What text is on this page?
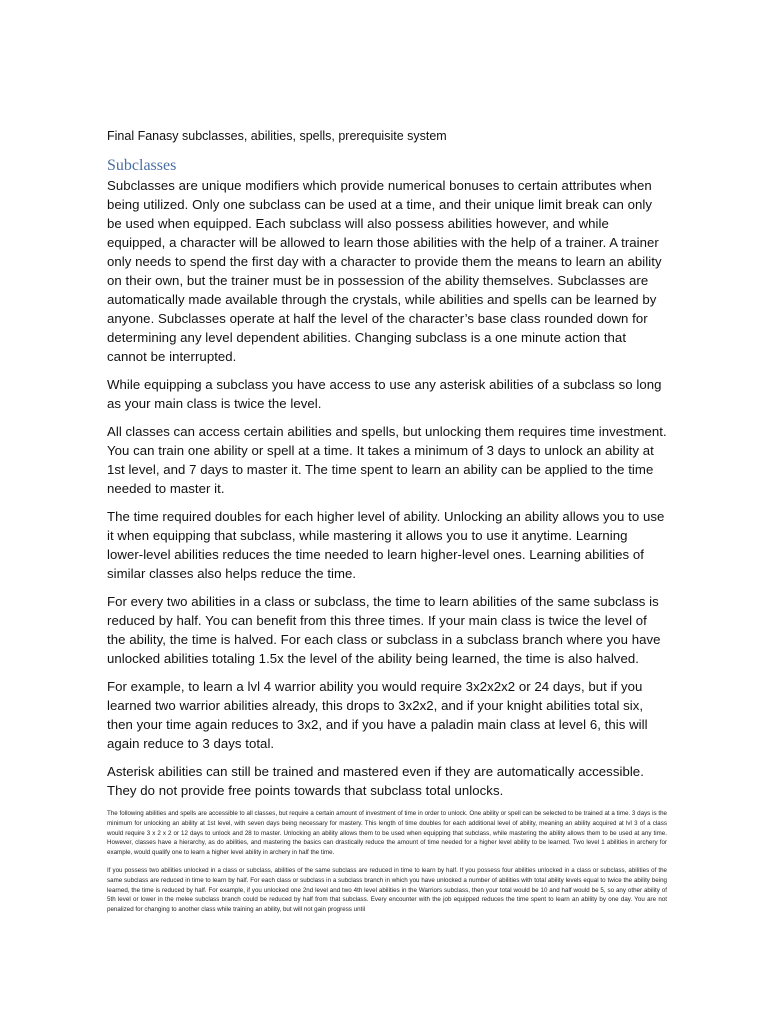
Final Fanasy subclasses, abilities, spells, prerequisite system
Subclasses

Subclasses are unique modifiers which provide numerical bonuses to certain attributes when being utilized. Only one subclass can be used at a time, and their unique limit break can only be used when equipped. Each subclass will also possess abilities however, and while equipped, a character will be allowed to learn those abilities with the help of a trainer. A trainer only needs to spend the first day with a character to provide them the means to learn an ability on their own, but the trainer must be in possession of the ability themselves. Subclasses are automatically made available through the crystals, while abilities and spells can be learned by anyone. Subclasses operate at half the level of the character’s base class rounded down for determining any level dependent abilities. Changing subclass is a one minute action that cannot be interrupted.

While equipping a subclass you have access to use any asterisk abilities of a subclass so long as your main class is twice the level.

All classes can access certain abilities and spells, but unlocking them requires time investment. You can train one ability or spell at a time. It takes a minimum of 3 days to unlock an ability at 1st level, and 7 days to master it. The time spent to learn an ability can be applied to the time needed to master it.

The time required doubles for each higher level of ability. Unlocking an ability allows you to use it when equipping that subclass, while mastering it allows you to use it anytime. Learning lower-level abilities reduces the time needed to learn higher-level ones. Learning abilities of similar classes also helps reduce the time.

For every two abilities in a class or subclass, the time to learn abilities of the same subclass is reduced by half. You can benefit from this three times. If your main class is twice the level of the ability, the time is halved. For each class or subclass in a subclass branch where you have unlocked abilities totaling 1.5x the level of the ability being learned, the time is also halved.

For example, to learn a lvl 4 warrior ability you would require 3x2x2x2 or 24 days, but if you learned two warrior abilities already, this drops to 3x2x2, and if your knight abilities total six, then your time again reduces to 3x2, and if you have a paladin main class at level 6, this will again reduce to 3 days total.

Asterisk abilities can still be trained and mastered even if they are automatically accessible. They do not provide free points towards that subclass total unlocks.

The following abilities and spells are accessible to all classes, but require a certain amount of investment of time in order to unlock. One ability or spell can be selected to be trained at a time. 3 days is the minimum for unlocking an ability at 1st level, with seven days being necessary for mastery. This length of time doubles for each additional level of ability, meaning an ability acquired at lvl 3 of a class would require 3 x 2 x 2 or 12 days to unlock and 28 to master. Unlocking an ability allows them to be used when equipping that subclass, while mastering the ability allows them to be used at any time. However, classes have a hierarchy, as do abilities, and mastering the basics can drastically reduce the amount of time needed for a higher level ability to be learned. Two level 1 abilities in archery for example, would qualify one to learn a higher level ability in archery in half the time.

If you possess two abilities unlocked in a class or subclass, abilities of the same subclass are reduced in time to learn by half. If you possess four abilities unlocked in a class or subclass, abilities of the same subclass are reduced in time to learn by half. For each class or subclass in a subclass branch in which you have unlocked a number of abilities with total ability levels equal to twice the ability being learned, the time is reduced by half. For example, if you unlocked one 2nd level and two 4th level abilities in the Warriors subclass, then your total would be 10 and half would be 5, so any other ability of 5th level or lower in the melee subclass branch could be reduced by half from that subclass. Every encounter with the job equipped reduces the time spent to learn an ability by one day. You are not penalized for changing to another class while training an ability, but will not gain progress until
